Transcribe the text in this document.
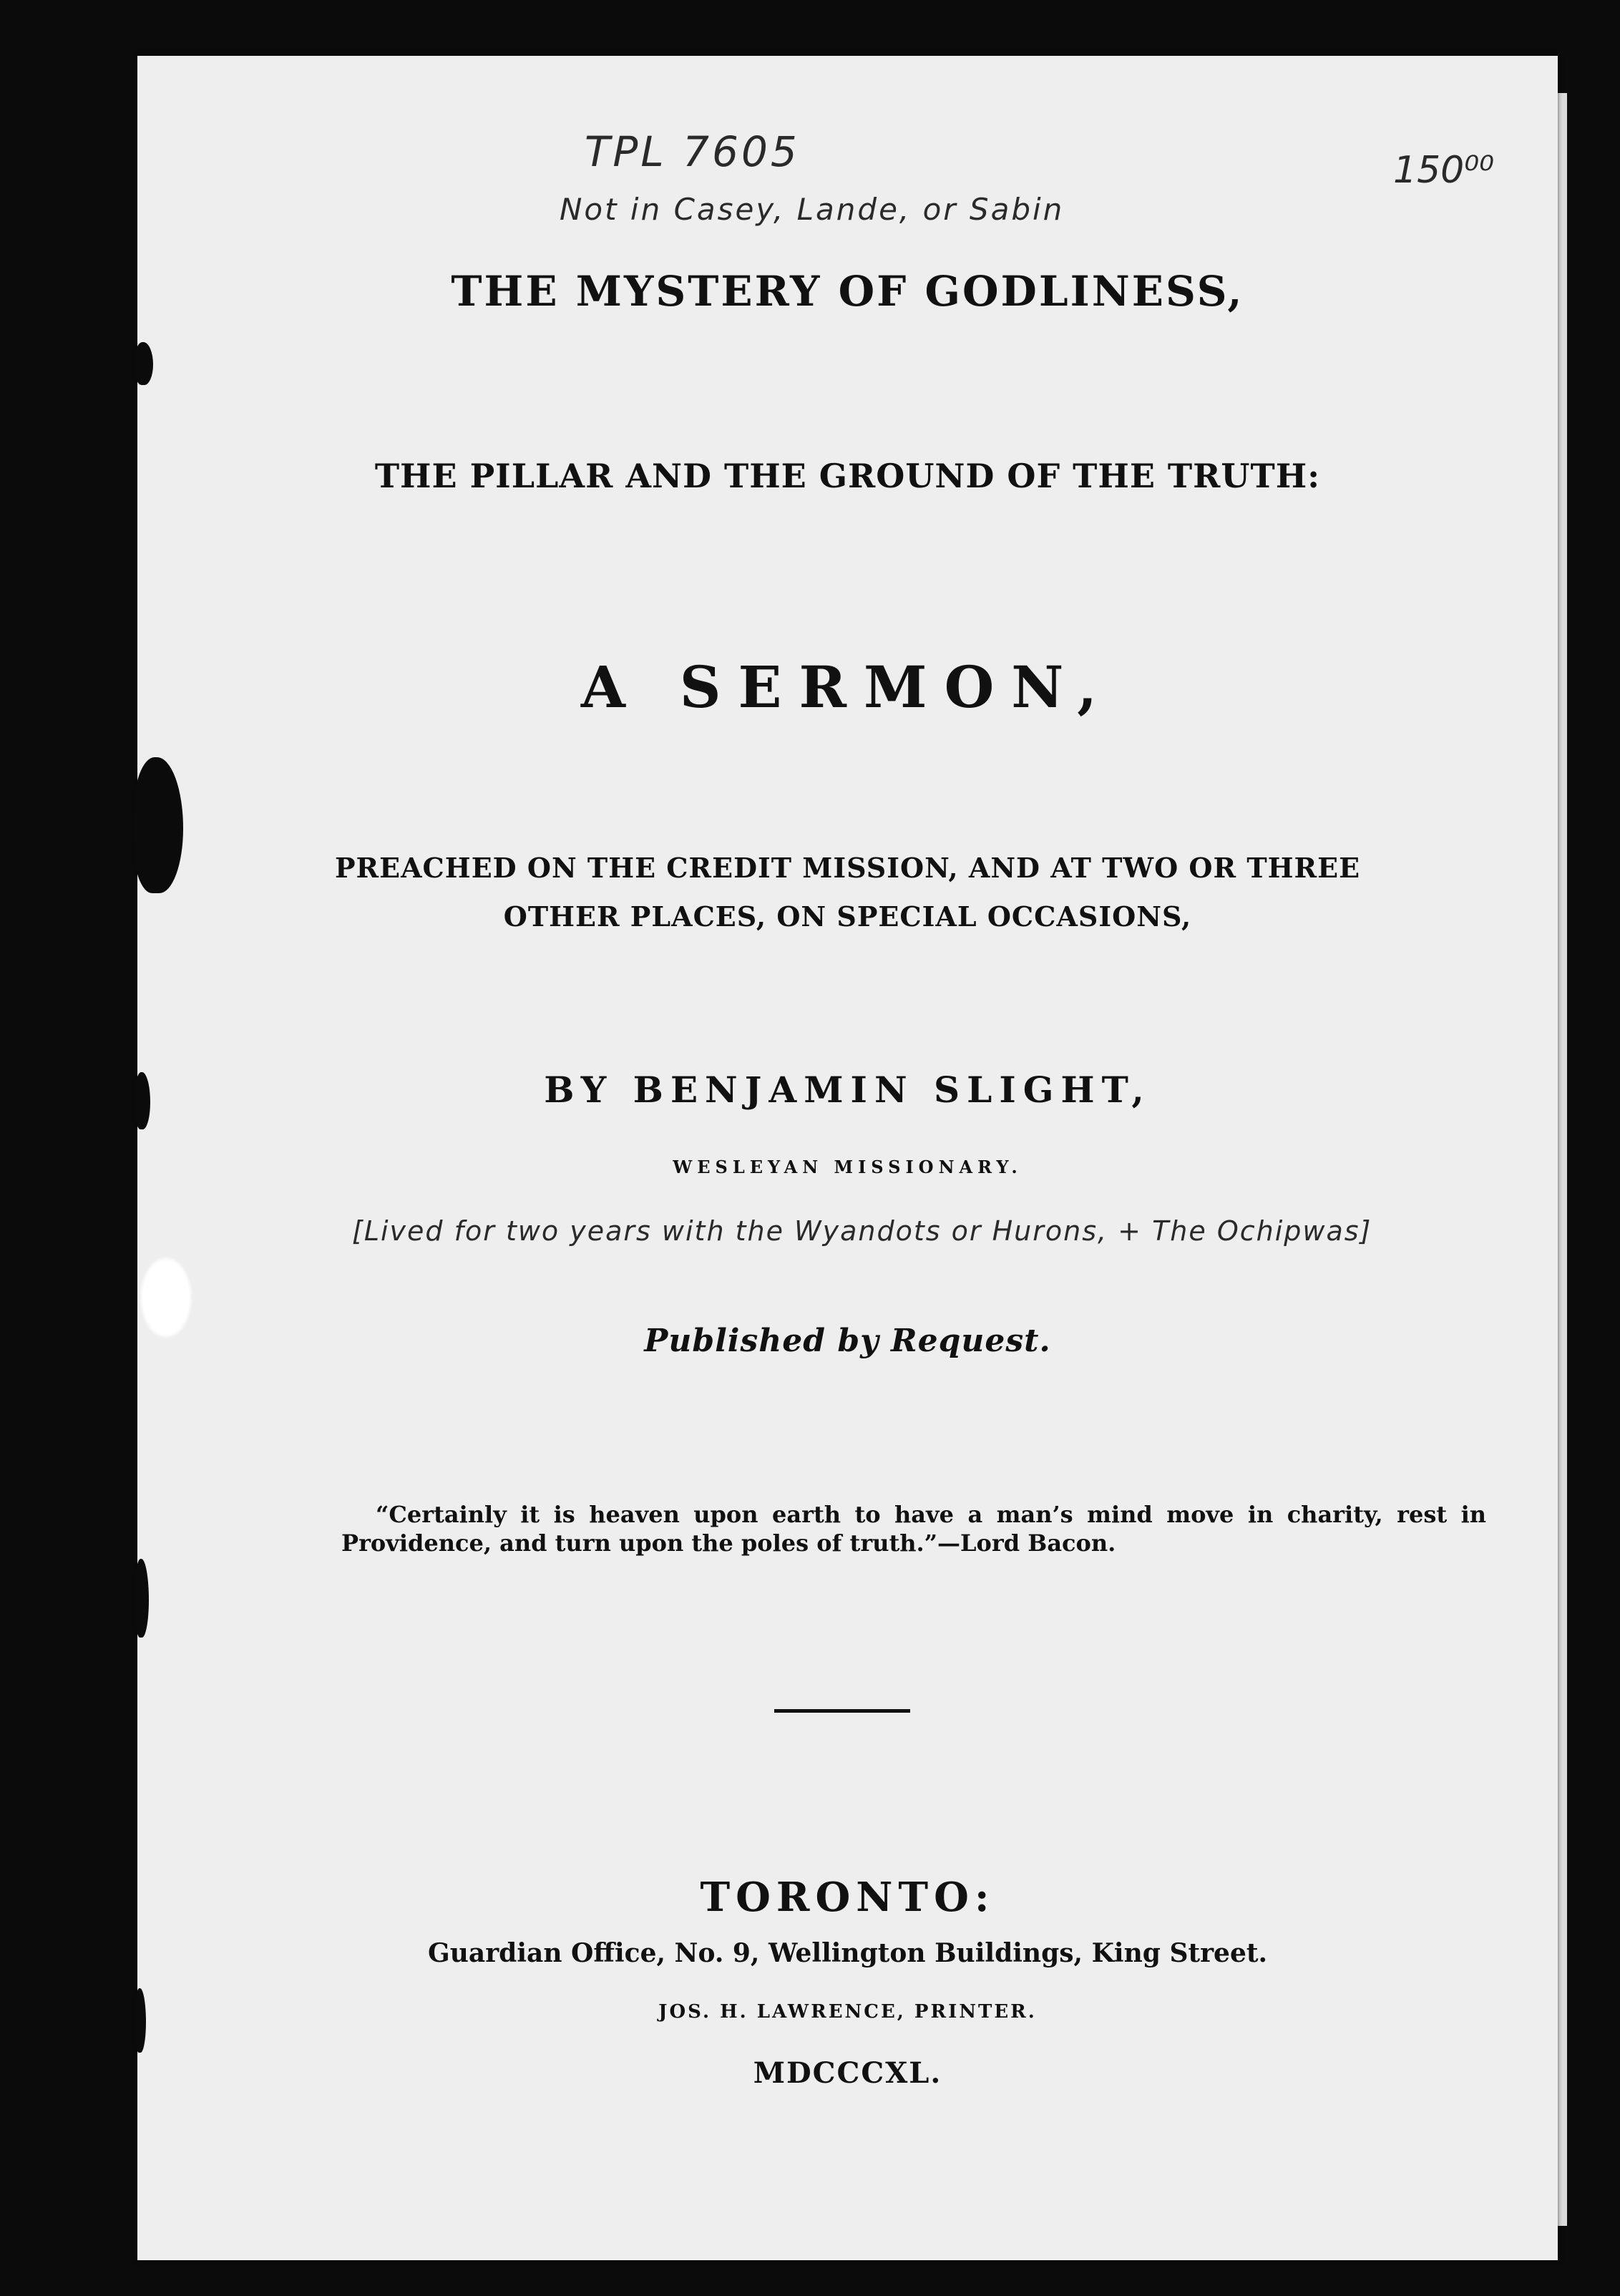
TPL 7605	150⁰⁰
Not in Casey, Lande, or Sabin
THE MYSTERY OF GODLINESS,
THE PILLAR AND THE GROUND OF THE TRUTH:
A SERMON,
PREACHED ON THE CREDIT MISSION, AND AT TWO OR THREE
OTHER PLACES, ON SPECIAL OCCASIONS,
BY BENJAMIN SLIGHT,
WESLEYAN MISSIONARY.
[Lived for two years with the Wyandots or Hurons, + The Ochipwas]
Published by Request.
“Certainly it is heaven upon earth to have a man’s mind move in charity, rest in Providence, and turn upon the poles of truth.”—Lord Bacon.
TORONTO:
Guardian Office, No. 9, Wellington Buildings, King Street.
JOS. H. LAWRENCE, PRINTER.
MDCCCXL.
